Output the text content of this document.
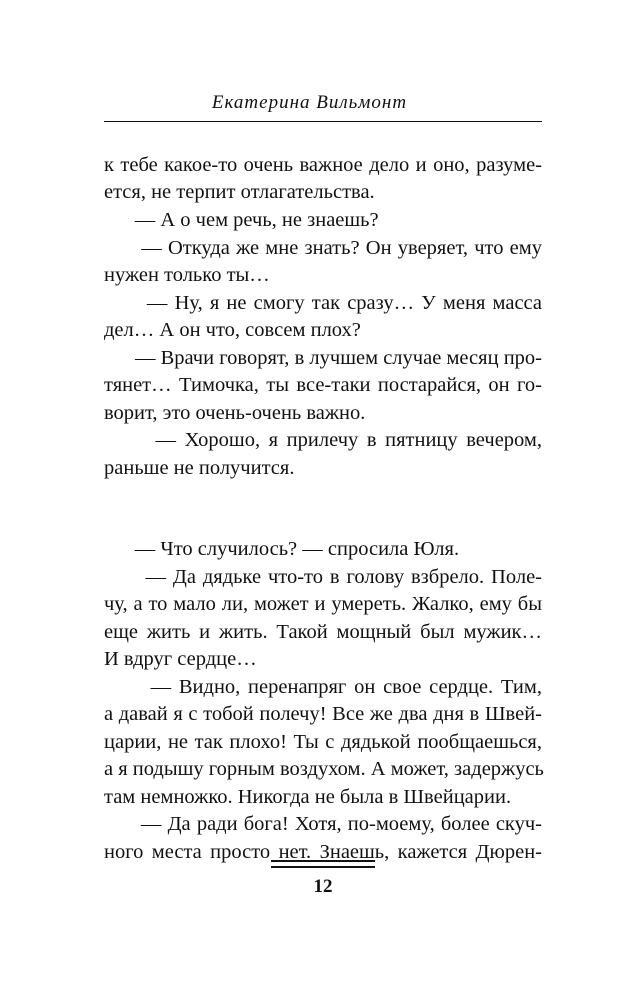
Екатерина Вильмонт
к тебе какое-то очень важное дело и оно, разуме-
ется, не терпит отлагательства.
— А о чем речь, не знаешь?
— Откуда же мне знать? Он уверяет, что ему
нужен только ты…
— Ну, я не смогу так сразу… У меня масса
дел… А он что, совсем плох?
— Врачи говорят, в лучшем случае месяц про-
тянет… Тимочка, ты все-таки постарайся, он го-
ворит, это очень-очень важно.
— Хорошо, я прилечу в пятницу вечером,
раньше не получится.
— Что случилось? — спросила Юля.
— Да дядьке что-то в голову взбрело. Поле-
чу, а то мало ли, может и умереть. Жалко, ему бы
еще жить и жить. Такой мощный был мужик…
И вдруг сердце…
— Видно, перенапряг он свое сердце. Тим,
а давай я с тобой полечу! Все же два дня в Швей-
царии, не так плохо! Ты с дядькой пообщаешься,
а я подышу горным воздухом. А может, задержусь
там немножко. Никогда не была в Швейцарии.
— Да ради бога! Хотя, по-моему, более скуч-
ного места просто нет. Знаешь, кажется Дюрен-
12
